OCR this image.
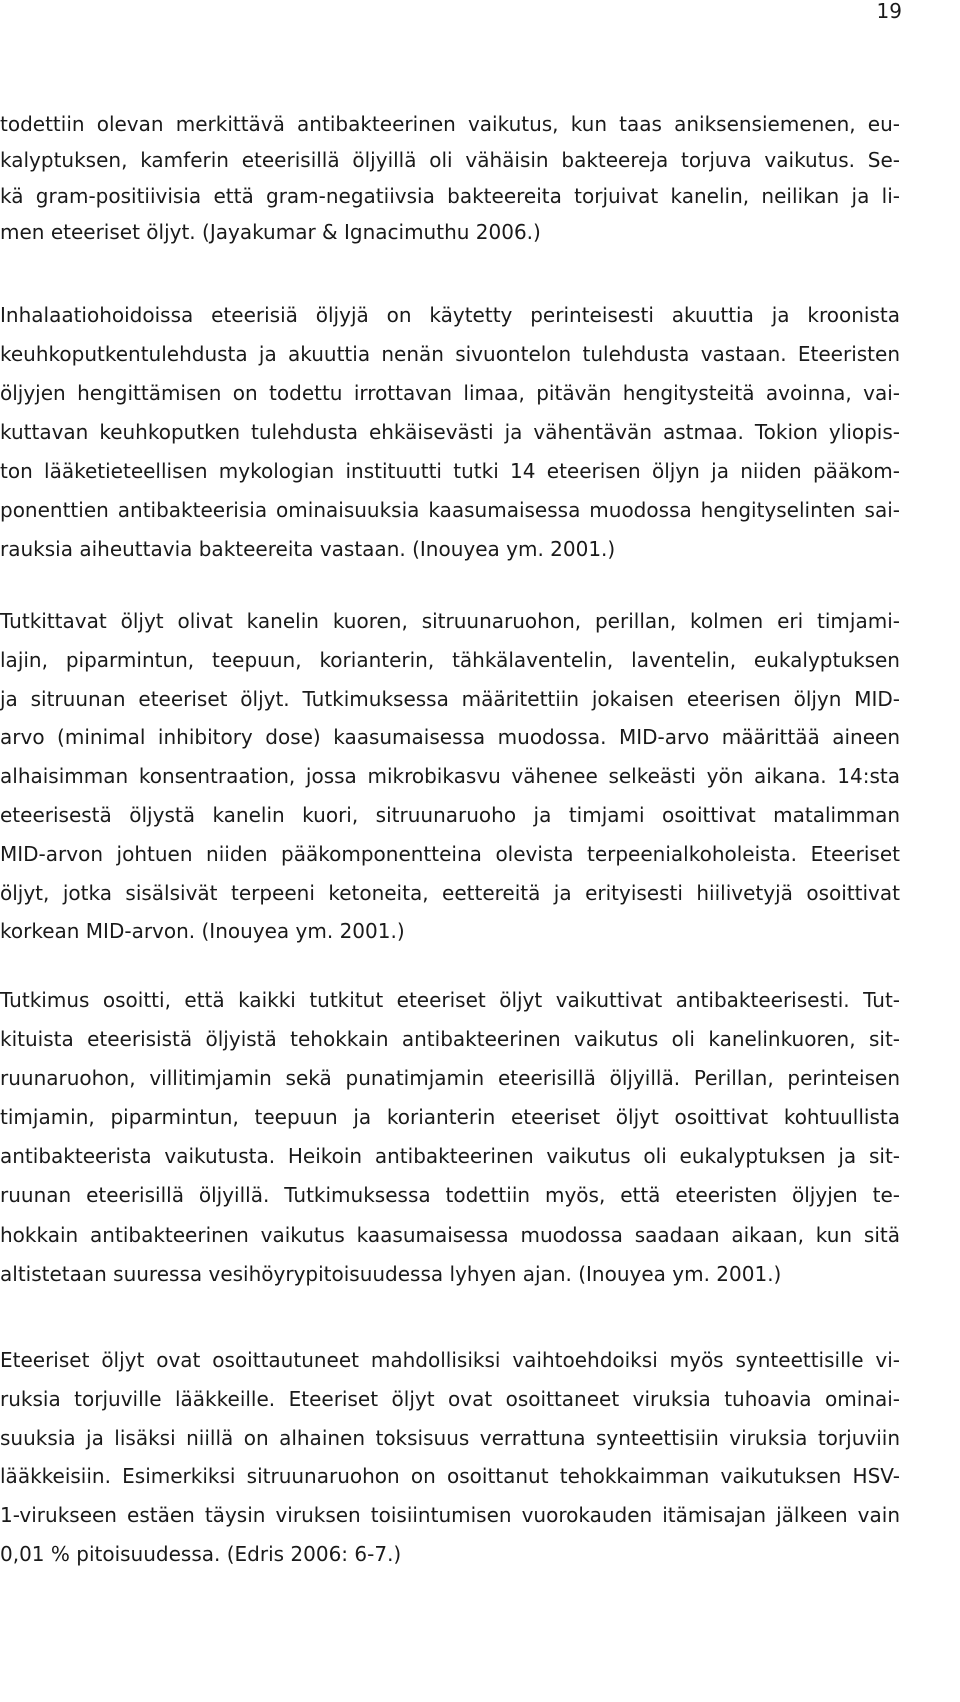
19
todettiin olevan merkittävä antibakteerinen vaikutus, kun taas aniksensiemenen, eu-
kalyptuksen, kamferin eteerisillä öljyillä oli vähäisin bakteereja torjuva vaikutus. Se-
kä gram-positiivisia että gram-negatiivsia bakteereita torjuivat kanelin, neilikan ja li-
men eteeriset öljyt. (Jayakumar & Ignacimuthu 2006.)
Inhalaatiohoidoissa eteerisiä öljyjä on käytetty perinteisesti akuuttia ja kroonista
keuhkoputkentulehdusta ja akuuttia nenän sivuontelon tulehdusta vastaan. Eteeristen
öljyjen hengittämisen on todettu irrottavan limaa, pitävän hengitysteitä avoinna, vai-
kuttavan keuhkoputken tulehdusta ehkäisevästi ja vähentävän astmaa. Tokion yliopis-
ton lääketieteellisen mykologian instituutti tutki 14 eteerisen öljyn ja niiden pääkom-
ponenttien antibakteerisia ominaisuuksia kaasumaisessa muodossa hengityselinten sai-
rauksia aiheuttavia bakteereita vastaan. (Inouyea ym. 2001.)
Tutkittavat öljyt olivat kanelin kuoren, sitruunaruohon, perillan, kolmen eri timjami-
lajin, piparmintun, teepuun, korianterin, tähkälaventelin, laventelin, eukalyptuksen
ja sitruunan eteeriset öljyt. Tutkimuksessa määritettiin jokaisen eteerisen öljyn MID-
arvo (minimal inhibitory dose) kaasumaisessa muodossa. MID-arvo määrittää aineen
alhaisimman konsentraation, jossa mikrobikasvu vähenee selkeästi yön aikana. 14:sta
eteerisestä öljystä kanelin kuori, sitruunaruoho ja timjami osoittivat matalimman
MID-arvon johtuen niiden pääkomponentteina olevista terpeenialkoholeista. Eteeriset
öljyt, jotka sisälsivät terpeeni ketoneita, eettereitä ja erityisesti hiilivetyjä osoittivat
korkean MID-arvon. (Inouyea ym. 2001.)
Tutkimus osoitti, että kaikki tutkitut eteeriset öljyt vaikuttivat antibakteerisesti. Tut-
kituista eteerisistä öljyistä tehokkain antibakteerinen vaikutus oli kanelinkuoren, sit-
ruunaruohon, villitimjamin sekä punatimjamin eteerisillä öljyillä. Perillan, perinteisen
timjamin, piparmintun, teepuun ja korianterin eteeriset öljyt osoittivat kohtuullista
antibakteerista vaikutusta. Heikoin antibakteerinen vaikutus oli eukalyptuksen ja sit-
ruunan eteerisillä öljyillä. Tutkimuksessa todettiin myös, että eteeristen öljyjen te-
hokkain antibakteerinen vaikutus kaasumaisessa muodossa saadaan aikaan, kun sitä
altistetaan suuressa vesihöyrypitoisuudessa lyhyen ajan. (Inouyea ym. 2001.)
Eteeriset öljyt ovat osoittautuneet mahdollisiksi vaihtoehdoiksi myös synteettisille vi-
ruksia torjuville lääkkeille. Eteeriset öljyt ovat osoittaneet viruksia tuhoavia ominai-
suuksia ja lisäksi niillä on alhainen toksisuus verrattuna synteettisiin viruksia torjuviin
lääkkeisiin. Esimerkiksi sitruunaruohon on osoittanut tehokkaimman vaikutuksen HSV-
1-virukseen estäen täysin viruksen toisiintumisen vuorokauden itämisajan jälkeen vain
0,01 % pitoisuudessa. (Edris 2006: 6-7.)
